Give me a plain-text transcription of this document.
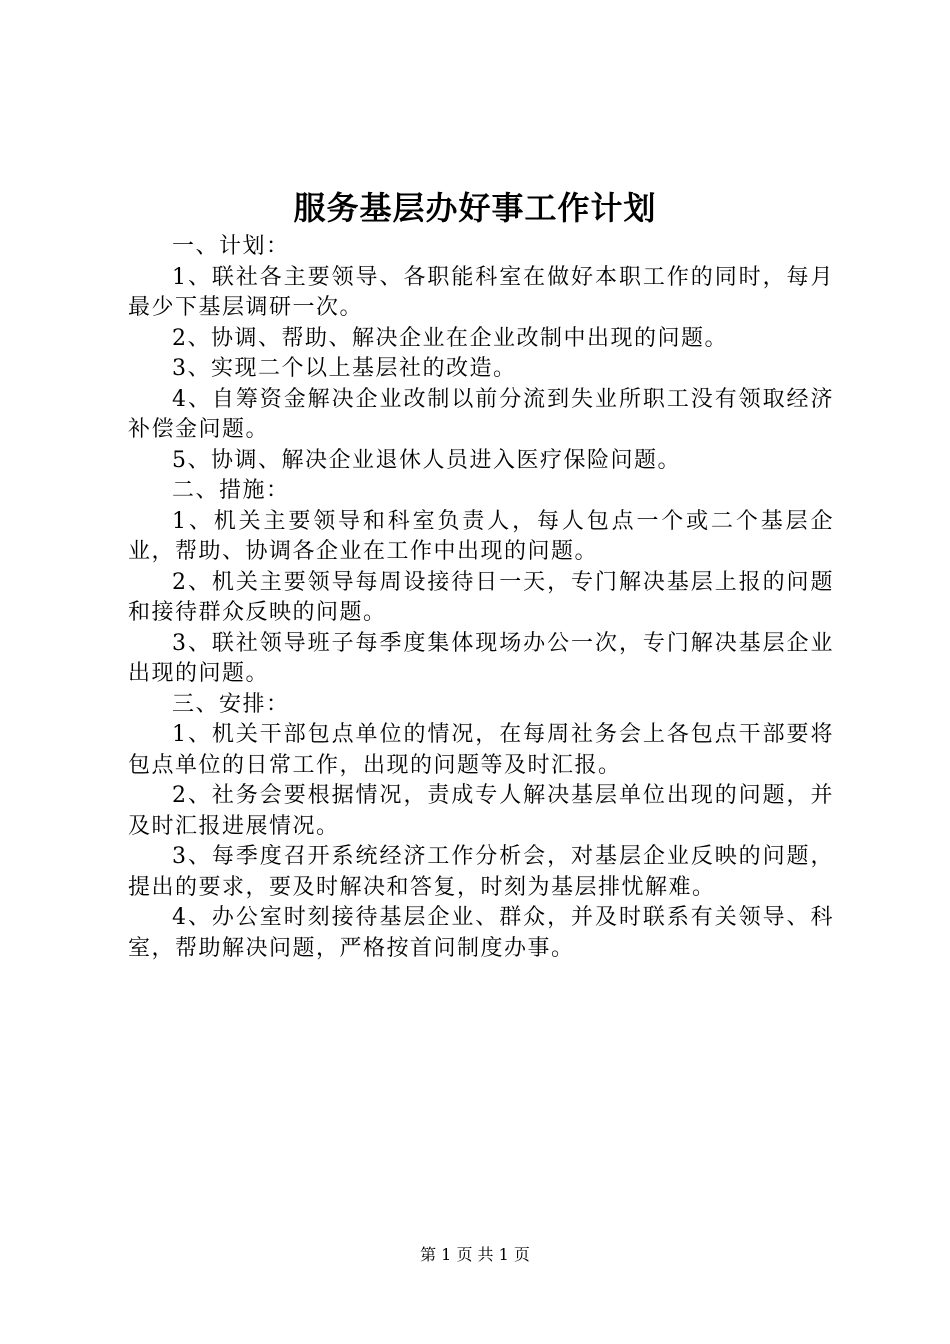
服务基层办好事工作计划

一、计划：

1、联社各主要领导、各职能科室在做好本职工作的同时，每月最少下基层调研一次。

2、协调、帮助、解决企业在企业改制中出现的问题。

3、实现二个以上基层社的改造。

4、自筹资金解决企业改制以前分流到失业所职工没有领取经济补偿金问题。

5、协调、解决企业退休人员进入医疗保险问题。

二、措施：

1、机关主要领导和科室负责人，每人包点一个或二个基层企业，帮助、协调各企业在工作中出现的问题。

2、机关主要领导每周设接待日一天，专门解决基层上报的问题和接待群众反映的问题。

3、联社领导班子每季度集体现场办公一次，专门解决基层企业出现的问题。

三、安排：

1、机关干部包点单位的情况，在每周社务会上各包点干部要将包点单位的日常工作，出现的问题等及时汇报。

2、社务会要根据情况，责成专人解决基层单位出现的问题，并及时汇报进展情况。

3、每季度召开系统经济工作分析会，对基层企业反映的问题，提出的要求，要及时解决和答复，时刻为基层排忧解难。

4、办公室时刻接待基层企业、群众，并及时联系有关领导、科室，帮助解决问题，严格按首问制度办事。

第 1 页 共 1 页
